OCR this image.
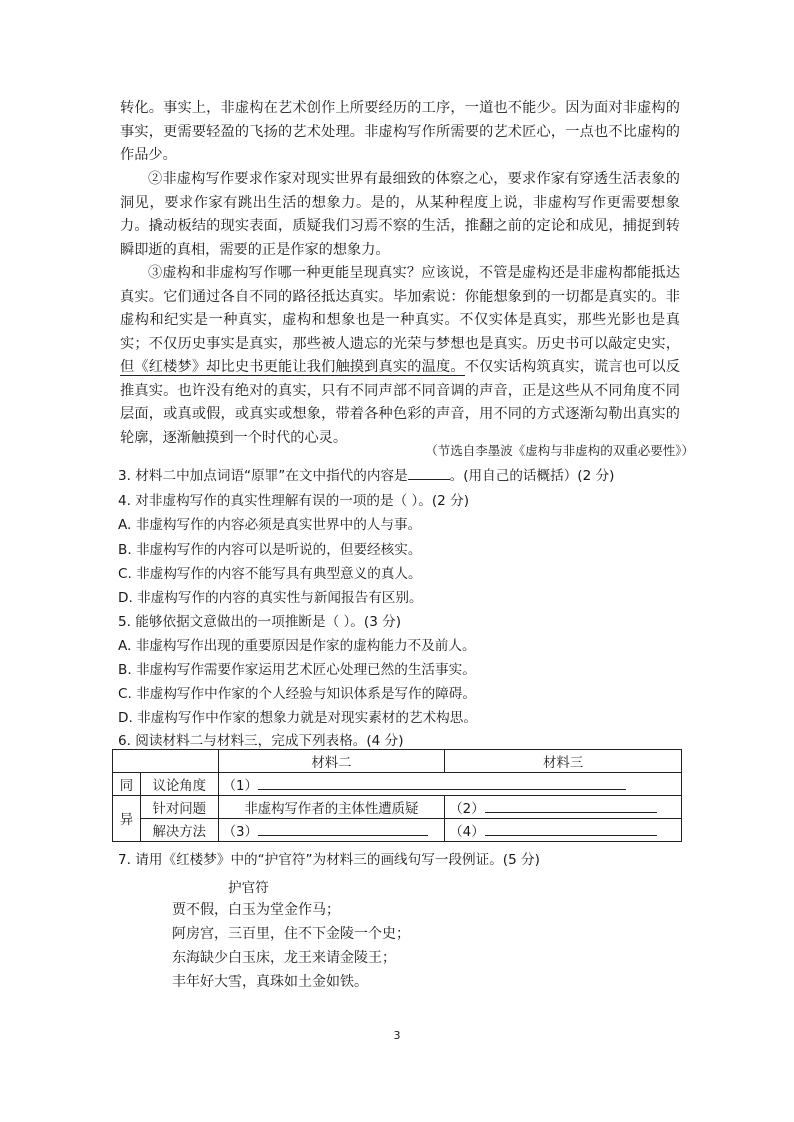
转化。事实上，非虚构在艺术创作上所要经历的工序，一道也不能少。因为面对非虚构的事实，更需要轻盈的飞扬的艺术处理。非虚构写作所需要的艺术匠心，一点也不比虚构的作品少。

②非虚构写作要求作家对现实世界有最细致的体察之心，要求作家有穿透生活表象的洞见，要求作家有跳出生活的想象力。是的，从某种程度上说，非虚构写作更需要想象力。撬动板结的现实表面，质疑我们习焉不察的生活，推翻之前的定论和成见，捕捉到转瞬即逝的真相，需要的正是作家的想象力。

③虚构和非虚构写作哪一种更能呈现真实？应该说，不管是虚构还是非虚构都能抵达真实。它们通过各自不同的路径抵达真实。毕加索说：你能想象到的一切都是真实的。非虚构和纪实是一种真实，虚构和想象也是一种真实。不仅实体是真实，那些光影也是真实；不仅历史事实是真实，那些被人遗忘的光荣与梦想也是真实。历史书可以敲定史实，但《红楼梦》却比史书更能让我们触摸到真实的温度。不仅实话构筑真实，谎言也可以反推真实。也许没有绝对的真实，只有不同声部不同音调的声音，正是这些从不同角度不同层面，或真或假，或真实或想象，带着各种色彩的声音，用不同的方式逐渐勾勒出真实的轮廓，逐渐触摸到一个时代的心灵。

（节选自李墨波《虚构与非虚构的双重必要性》）

3. 材料二中加点词语“原罪”在文中指代的内容是	。(用自己的话概括）(2 分)

4. 对非虚构写作的真实性理解有误的一项的是（ ）。(2 分)

A. 非虚构写作的内容必须是真实世界中的人与事。

B. 非虚构写作的内容可以是听说的，但要经核实。

C. 非虚构写作的内容不能写具有典型意义的真人。

D. 非虚构写作的内容的真实性与新闻报告有区别。

5. 能够依据文意做出的一项推断是（ ）。(3 分)

A. 非虚构写作出现的重要原因是作家的虚构能力不及前人。

B. 非虚构写作需要作家运用艺术匠心处理已然的生活事实。

C. 非虚构写作中作家的个人经验与知识体系是写作的障碍。

D. 非虚构写作中作家的想象力就是对现实素材的艺术构思。

6. 阅读材料二与材料三，完成下列表格。(4 分)

		材料二	材料三
同	议论角度	（1）	
异	针对问题	非虚构写作者的主体性遭质疑	（2）
	解决方法	（3）	（4）

7. 请用《红楼梦》中的“护官符”为材料三的画线句写一段例证。(5 分)

护官符

贾不假，白玉为堂金作马；

阿房宫，三百里，住不下金陵一个史；

东海缺少白玉床，龙王来请金陵王；

丰年好大雪，真珠如土金如铁。

3
